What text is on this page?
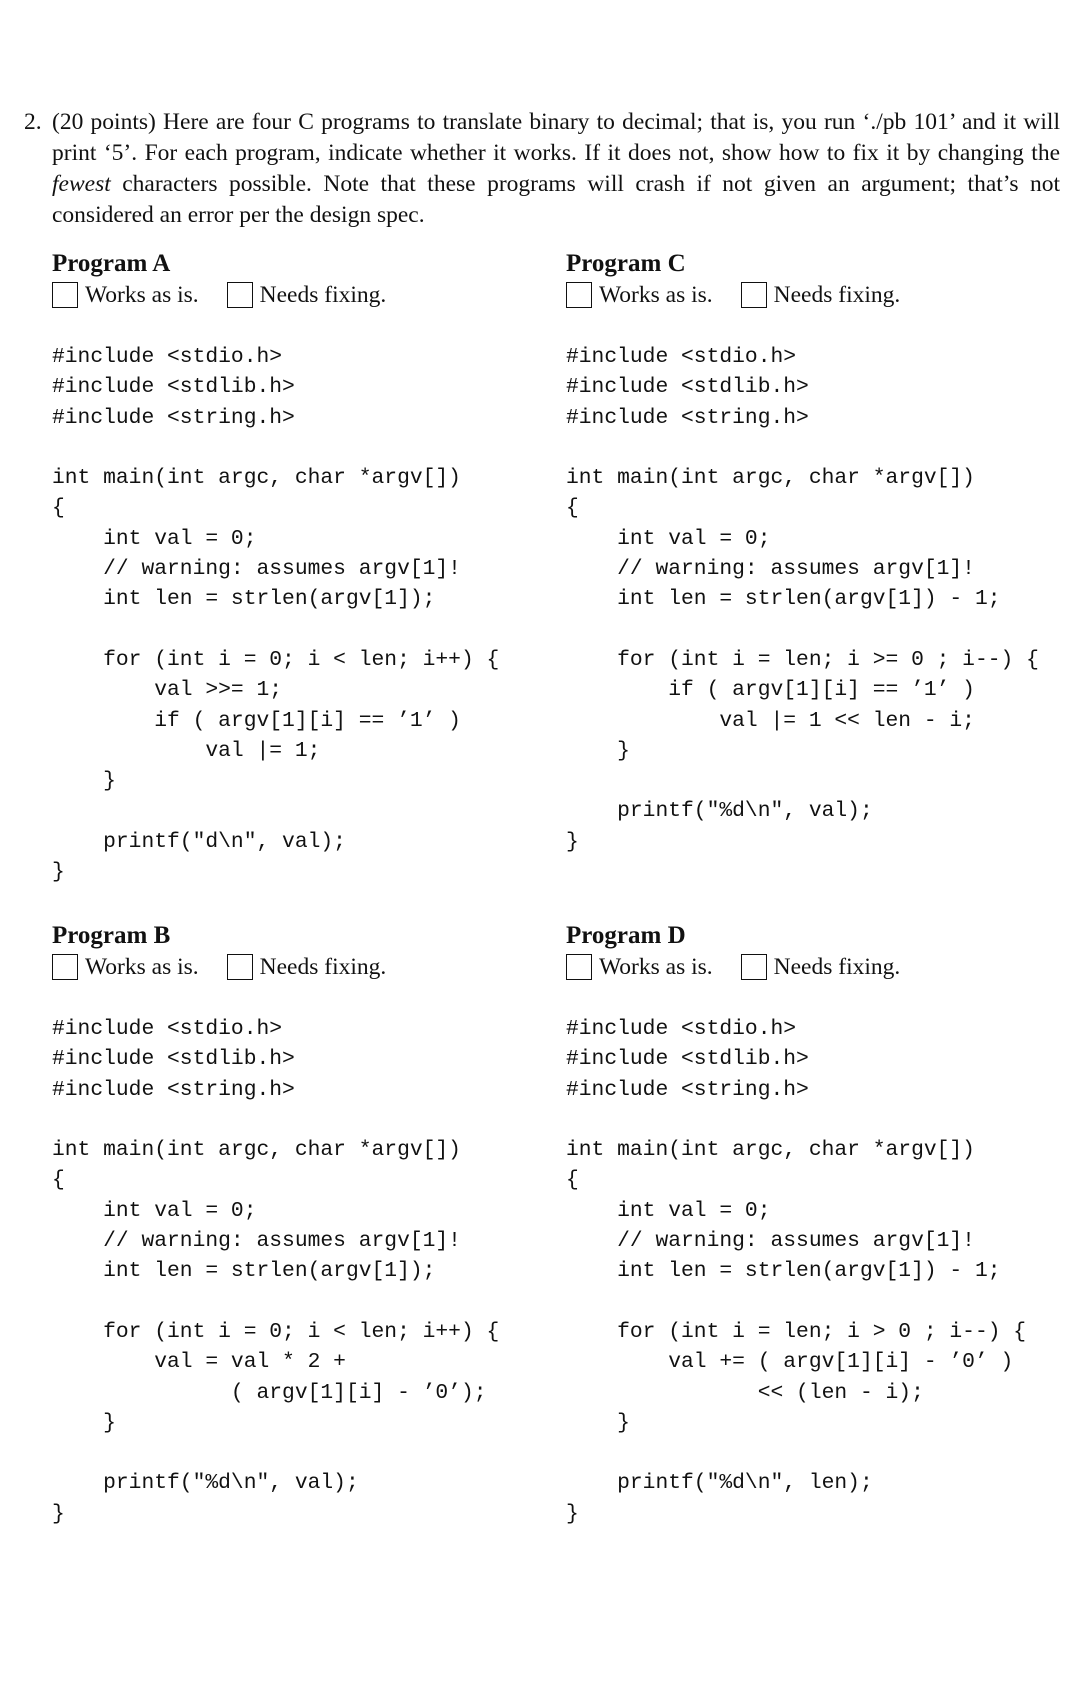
2. (20 points) Here are four C programs to translate binary to decimal; that is, you run ‘./pb 101’ and it will print ‘5’. For each program, indicate whether it works. If it does not, show how to fix it by changing the fewest characters possible. Note that these programs will crash if not given an argument; that’s not considered an error per the design spec.
Program A
Works as is.	Needs fixing.
#include <stdio.h>
#include <stdlib.h>
#include <string.h>
int main(int argc, char *argv[])
{
int val = 0;
// warning: assumes argv[1]!
int len = strlen(argv[1]);
for (int i = 0; i < len; i++) {
val >>= 1;
if ( argv[1][i] == ’1’ )
val |= 1;
}
printf("d\n", val);
}
Program C
Works as is.	Needs fixing.
#include <stdio.h>
#include <stdlib.h>
#include <string.h>
int main(int argc, char *argv[])
{
int val = 0;
// warning: assumes argv[1]!
int len = strlen(argv[1]) - 1;
for (int i = len; i >= 0 ; i--) {
if ( argv[1][i] == ’1’ )
val |= 1 << len - i;
}
printf("%d\n", val);
}
Program B
Works as is.	Needs fixing.
#include <stdio.h>
#include <stdlib.h>
#include <string.h>
int main(int argc, char *argv[])
{
int val = 0;
// warning: assumes argv[1]!
int len = strlen(argv[1]);
for (int i = 0; i < len; i++) {
val = val * 2 +
( argv[1][i] - ’0’);
}
printf("%d\n", val);
}
Program D
Works as is.	Needs fixing.
#include <stdio.h>
#include <stdlib.h>
#include <string.h>
int main(int argc, char *argv[])
{
int val = 0;
// warning: assumes argv[1]!
int len = strlen(argv[1]) - 1;
for (int i = len; i > 0 ; i--) {
val += ( argv[1][i] - ’0’ )
<< (len - i);
}
printf("%d\n", len);
}
